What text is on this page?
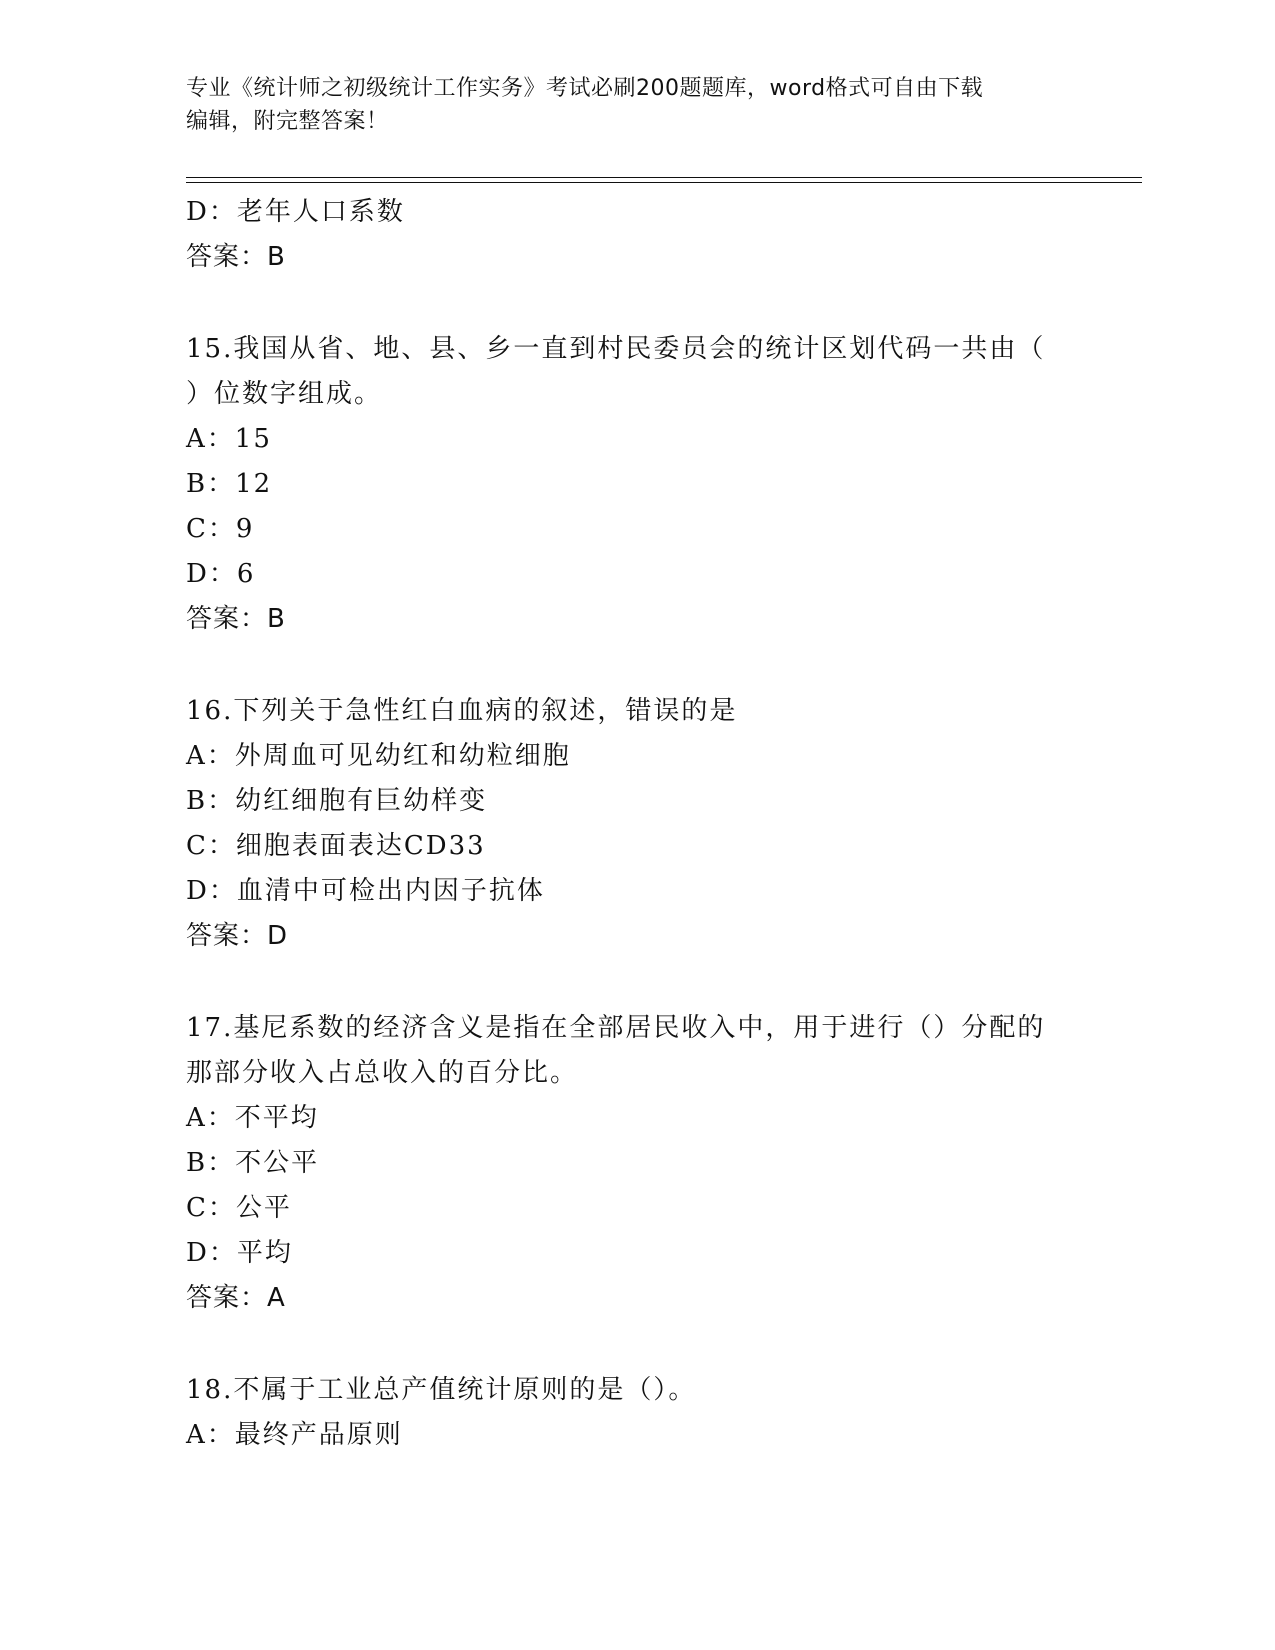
专业《统计师之初级统计工作实务》考试必刷200题题库，word格式可自由下载
编辑，附完整答案！
D：老年人口系数
答案：B
15.我国从省、地、县、乡一直到村民委员会的统计区划代码一共由（
）位数字组成。
A：15
B：12
C：9
D：6
答案：B
16.下列关于急性红白血病的叙述，错误的是
A：外周血可见幼红和幼粒细胞
B：幼红细胞有巨幼样变
C：细胞表面表达CD33
D：血清中可检出内因子抗体
答案：D
17.基尼系数的经济含义是指在全部居民收入中，用于进行（）分配的
那部分收入占总收入的百分比。
A：不平均
B：不公平
C：公平
D：平均
答案：A
18.不属于工业总产值统计原则的是（）。
A：最终产品原则
